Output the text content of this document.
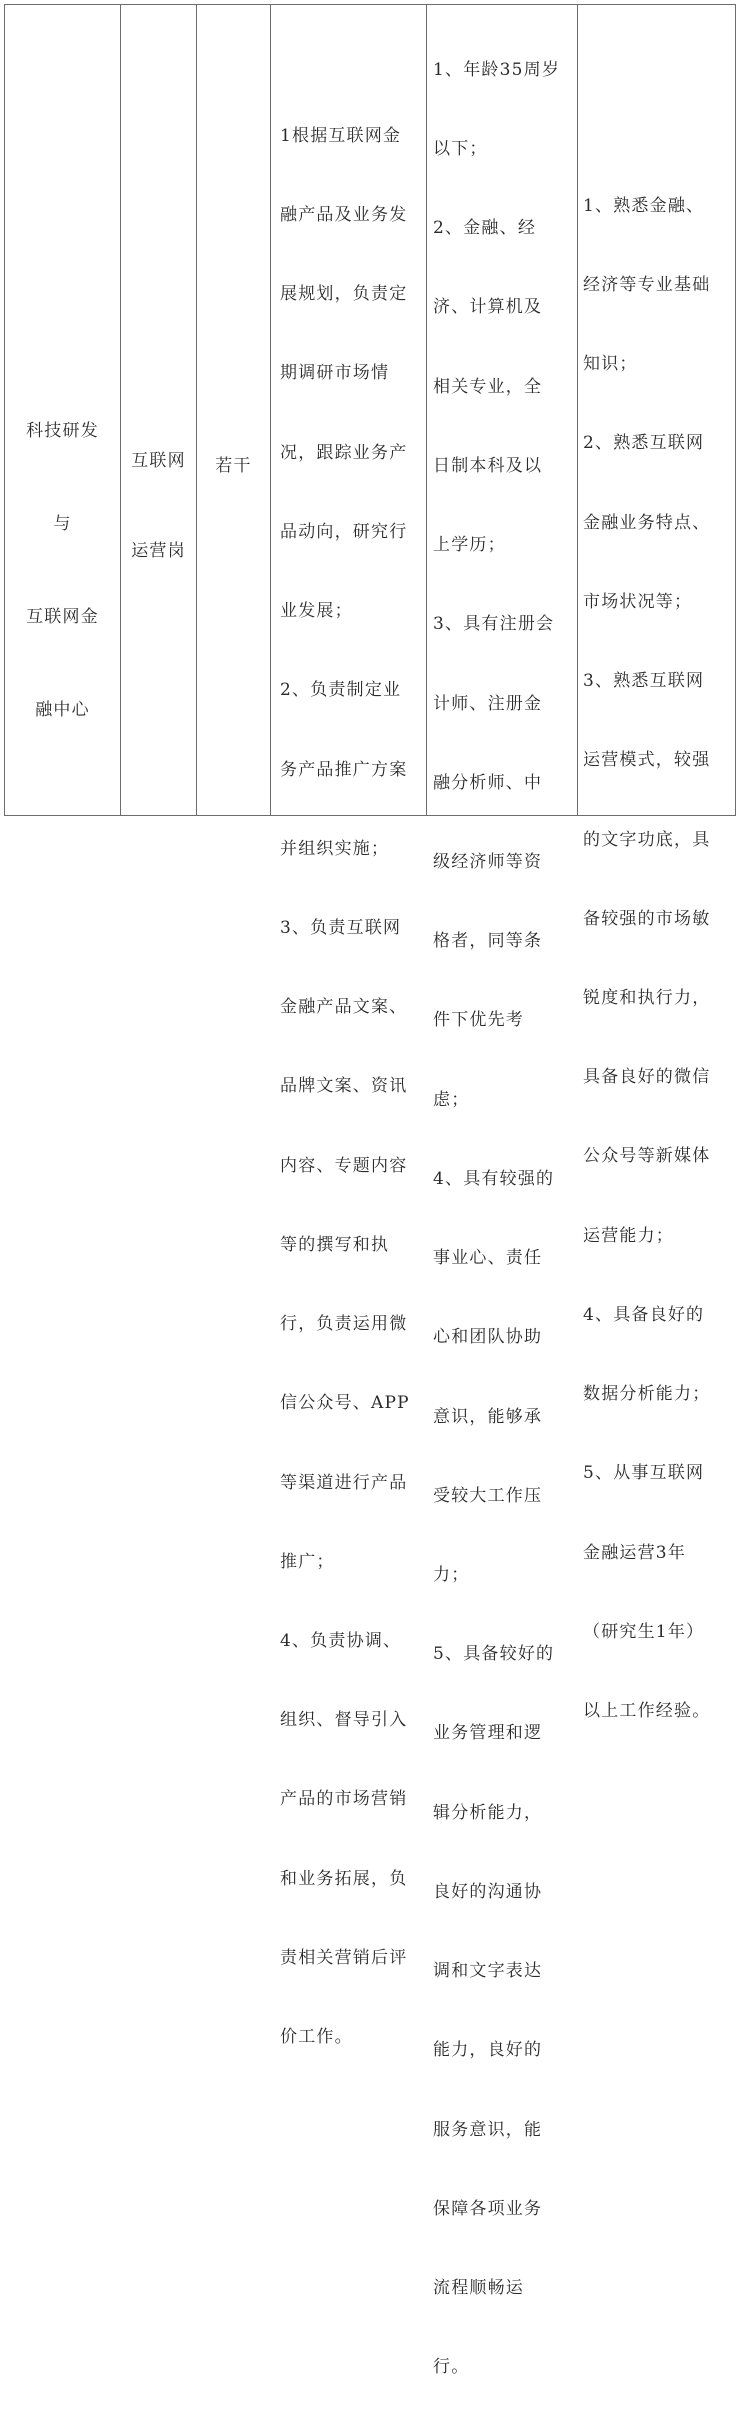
科技研发

与

互联网金

融中心

互联网

运营岗

若干

1根据互联网金

融产品及业务发

展规划，负责定

期调研市场情

况，跟踪业务产

品动向，研究行

业发展；

2、负责制定业

务产品推广方案

并组织实施；

3、负责互联网

金融产品文案、

品牌文案、资讯

内容、专题内容

等的撰写和执

行，负责运用微

信公众号、APP

等渠道进行产品

推广；

4、负责协调、

组织、督导引入

产品的市场营销

和业务拓展，负

责相关营销后评

价工作。

1、年龄35周岁

以下；

2、金融、经

济、计算机及

相关专业，全

日制本科及以

上学历；

3、具有注册会

计师、注册金

融分析师、中

级经济师等资

格者，同等条

件下优先考

虑；

4、具有较强的

事业心、责任

心和团队协助

意识，能够承

受较大工作压

力；

5、具备较好的

业务管理和逻

辑分析能力，

良好的沟通协

调和文字表达

能力，良好的

服务意识，能

保障各项业务

流程顺畅运

行。

1、熟悉金融、

经济等专业基础

知识；

2、熟悉互联网

金融业务特点、

市场状况等；

3、熟悉互联网

运营模式，较强

的文字功底，具

备较强的市场敏

锐度和执行力，

具备良好的微信

公众号等新媒体

运营能力；

4、具备良好的

数据分析能力；

5、从事互联网

金融运营3年

（研究生1年）

以上工作经验。
